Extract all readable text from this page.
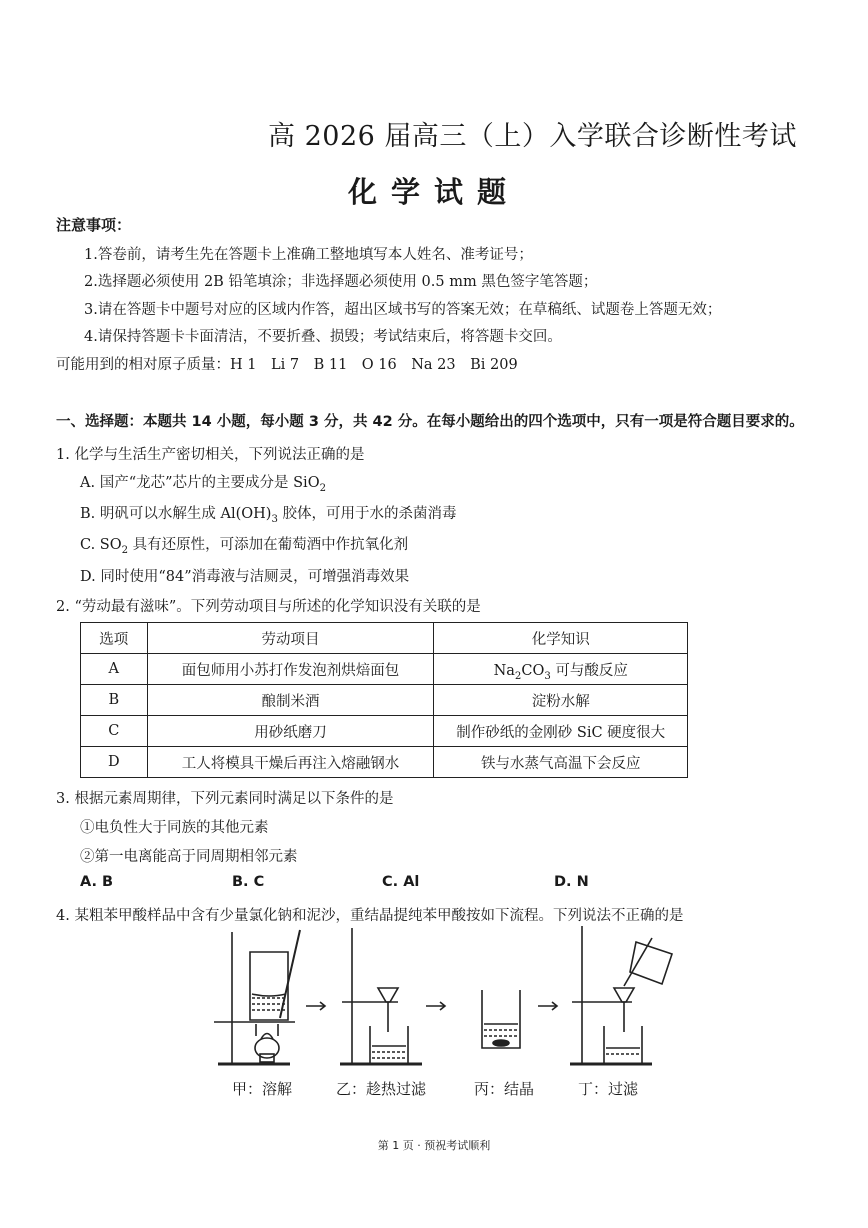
高 2026 届高三（上）入学联合诊断性考试
化学试题
注意事项：
1.答卷前，请考生先在答题卡上准确工整地填写本人姓名、准考证号；
2.选择题必须使用 2B 铅笔填涂；非选择题必须使用 0.5 mm 黑色签字笔答题；
3.请在答题卡中题号对应的区域内作答，超出区域书写的答案无效；在草稿纸、试题卷上答题无效；
4.请保持答题卡卡面清洁，不要折叠、损毁；考试结束后，将答题卡交回。
可能用到的相对原子质量：H 1　Li 7　B 11　O 16　Na 23　Bi 209
一、选择题：本题共 14 小题，每小题 3 分，共 42 分。在每小题给出的四个选项中，只有一项是符合题目要求的。
1. 化学与生活生产密切相关，下列说法正确的是
A. 国产“龙芯”芯片的主要成分是 SiO$_2$
B. 明矾可以水解生成 $Al(OH)_3$ 胶体，可用于水的杀菌消毒
C. $SO_2$ 具有还原性，可添加在葡萄酒中作抗氧化剂
D. 同时使用“84”消毒液与洁厕灵，可增强消毒效果
2. “劳动最有滋味”。下列劳动项目与所述的化学知识没有关联的是
选项	劳动项目	化学知识
A	面包师用小苏打作发泡剂烘焙面包	$Na_2CO_3$ 可与酸反应
B	酿制米酒	淀粉水解
C	用砂纸磨刀	制作砂纸的金刚砂 SiC 硬度很大
D	工人将模具干燥后再注入熔融钢水	铁与水蒸气高温下会反应
3. 根据元素周期律，下列元素同时满足以下条件的是
①电负性大于同族的其他元素
②第一电离能高于同周期相邻元素
A. B	B. C	C. Al	D. N
4. 某粗苯甲酸样品中含有少量氯化钠和泥沙，重结晶提纯苯甲酸按如下流程。下列说法不正确的是
甲：溶解	乙：趁热过滤	丙：结晶	丁：过滤
第 1 页 · 预祝考试顺利
